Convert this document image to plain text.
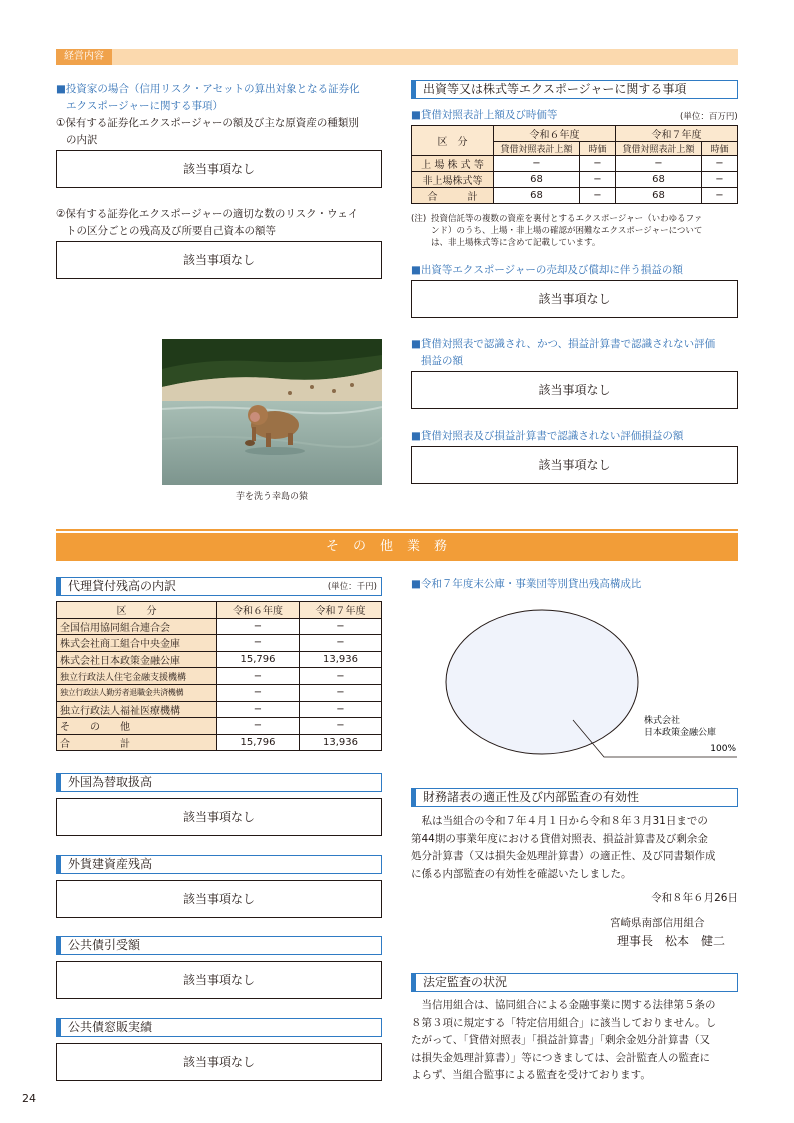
経営内容
■投資家の場合（信用リスク・アセットの算出対象となる証券化
エクスポージャーに関する事項）
①保有する証券化エクスポージャーの額及び主な原資産の種類別
の内訳
該当事項なし
②保有する証券化エクスポージャーの適切な数のリスク・ウェイ
トの区分ごとの残高及び所要自己資本の額等
該当事項なし
芋を洗う幸島の猿
出資等又は株式等エクスポージャーに関する事項
■貸借対照表計上額及び時価等	(単位：百万円)
区　分	令和６年度		令和７年度	
	貸借対照表計上額	時価	貸借対照表計上額	時価
上 場 株 式 等	−	−	−	−
非上場株式等	68	−	68	−
合　　　計	68	−	68	−
(注) 投資信託等の複数の資産を裏付とするエクスポージャー（いわゆるファ
ンド）のうち、上場・非上場の確認が困難なエクスポージャーについて
は、非上場株式等に含めて記載しています。
■出資等エクスポージャーの売却及び償却に伴う損益の額
該当事項なし
■貸借対照表で認識され、かつ、損益計算書で認識されない評価
損益の額
該当事項なし
■貸借対照表及び損益計算書で認識されない評価損益の額
該当事項なし
その他業務
代理貸付残高の内訳	(単位：千円)
区　　分	令和６年度	令和７年度
全国信用協同組合連合会	−	−
株式会社商工組合中央金庫	−	−
株式会社日本政策金融公庫	15,796	13,936
独立行政法人住宅金融支援機構	−	−
独立行政法人勤労者退職金共済機構	−	−
独立行政法人福祉医療機構	−	−
そ　　の　　他	−	−
合　　　　　計	15,796	13,936
外国為替取扱高
該当事項なし
外貨建資産残高
該当事項なし
公共債引受額
該当事項なし
公共債窓販実績
該当事項なし
■令和７年度末公庫・事業団等別貸出残高構成比
株式会社
日本政策金融公庫
100%
財務諸表の適正性及び内部監査の有効性
　私は当組合の令和７年４月１日から令和８年３月31日までの
第44期の事業年度における貸借対照表、損益計算書及び剰余金
処分計算書（又は損失金処理計算書）の適正性、及び同書類作成
に係る内部監査の有効性を確認いたしました。
令和８年６月26日
宮崎県南部信用組合
理事長　松本　健二
法定監査の状況
　当信用組合は、協同組合による金融事業に関する法律第５条の
８第３項に規定する「特定信用組合」に該当しておりません。し
たがって、「貸借対照表」「損益計算書」「剰余金処分計算書（又
は損失金処理計算書）」等につきましては、会計監査人の監査に
よらず、当組合監事による監査を受けております。
24
